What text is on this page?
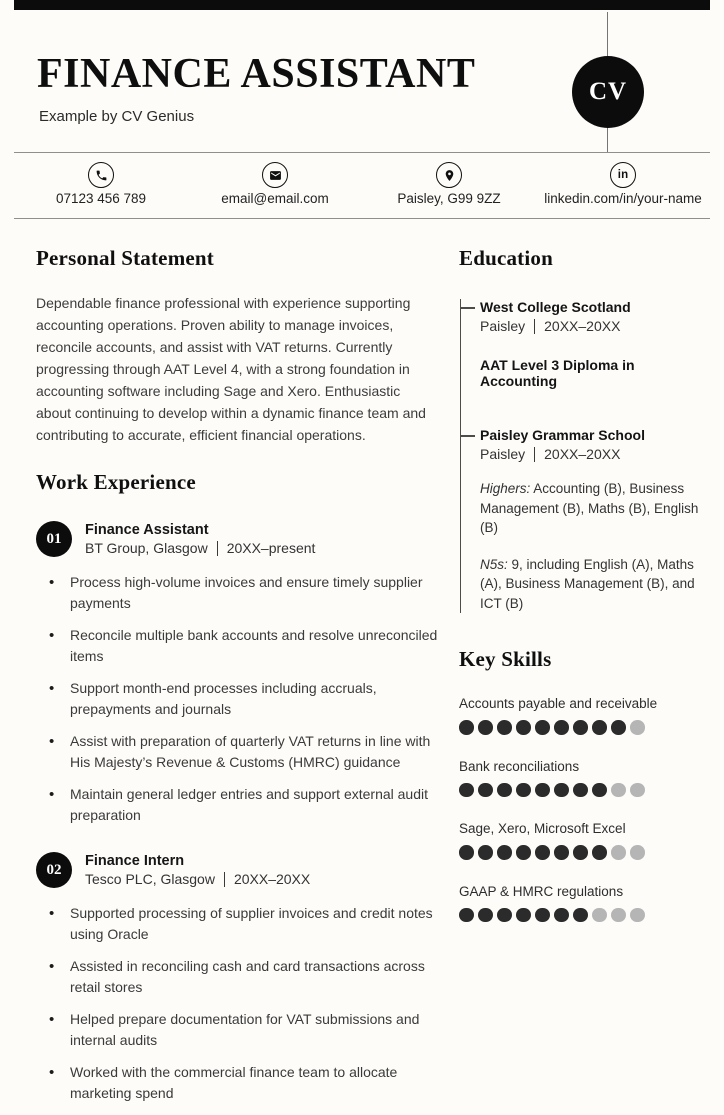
FINANCE ASSISTANT
Example by CV Genius
CV
07123 456 789	email@email.com	Paisley, G99 9ZZ
in
linkedin.com/in/your-name
Personal Statement

Dependable finance professional with experience supporting accounting operations. Proven ability to manage invoices, reconcile accounts, and assist with VAT returns. Currently progressing through AAT Level 4, with a strong foundation in accounting software including Sage and Xero. Enthusiastic about continuing to develop within a dynamic finance team and contributing to accurate, efficient financial operations.

Work Experience
01
Finance Assistant
BT Group, Glasgow 20XX–present
• Process high-volume invoices and ensure timely supplier payments
• Reconcile multiple bank accounts and resolve unreconciled items
• Support month-end processes including accruals, prepayments and journals
• Assist with preparation of quarterly VAT returns in line with His Majesty’s Revenue & Customs (HMRC) guidance
• Maintain general ledger entries and support external audit preparation
02
Finance Intern
Tesco PLC, Glasgow 20XX–20XX
• Supported processing of supplier invoices and credit notes using Oracle
• Assisted in reconciling cash and card transactions across retail stores
• Helped prepare documentation for VAT submissions and internal audits
• Worked with the commercial finance team to allocate marketing spend
Education
West College Scotland
Paisley 20XX–20XX
AAT Level 3 Diploma in Accounting
Paisley Grammar School
Paisley 20XX–20XX

Highers: Accounting (B), Business Management (B), Maths (B), English (B)

N5s: 9, including English (A), Maths (A), Business Management (B), and ICT (B)

Key Skills
Accounts payable and receivable
Bank reconciliations
Sage, Xero, Microsoft Excel
GAAP & HMRC regulations
